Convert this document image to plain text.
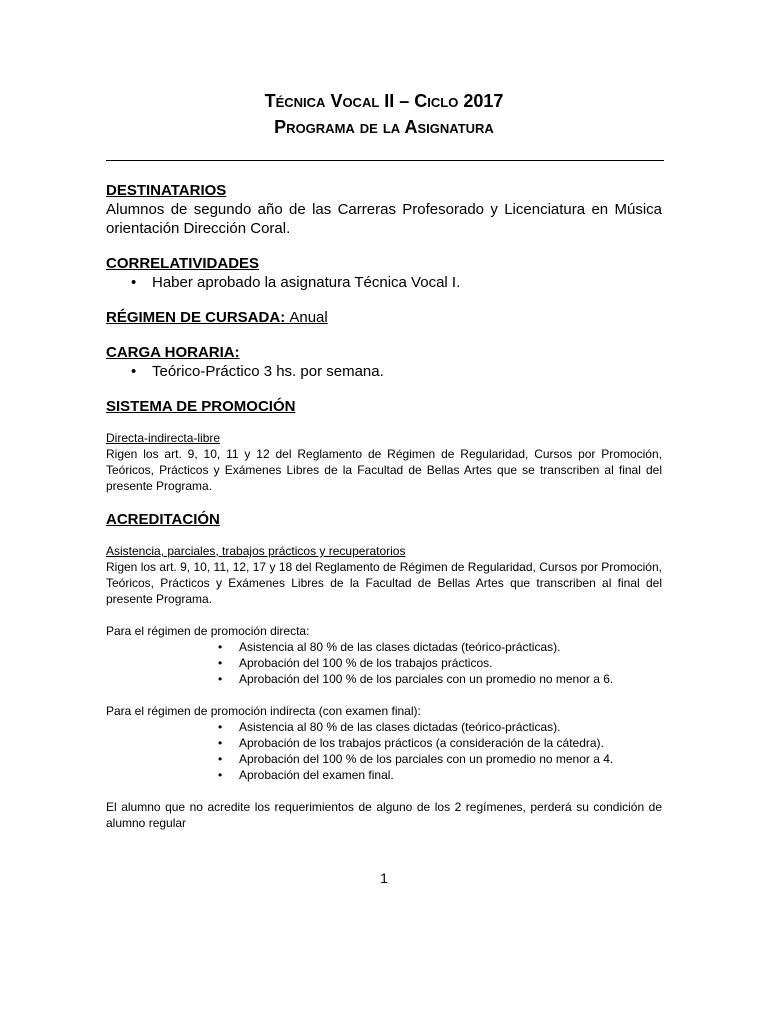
Técnica Vocal II – Ciclo 2017

Programa de la Asignatura

DESTINATARIOS

Alumnos de segundo año de las Carreras Profesorado y Licenciatura en Música orientación Dirección Coral.

CORRELATIVIDADES

• Haber aprobado la asignatura Técnica Vocal I.

RÉGIMEN DE CURSADA: Anual

CARGA HORARIA:

• Teórico-Práctico 3 hs. por semana.

SISTEMA DE PROMOCIÓN

Directa-indirecta-libre

Rigen los art. 9, 10, 11 y 12 del Reglamento de Régimen de Regularidad, Cursos por Promoción, Teóricos, Prácticos y Exámenes Libres de la Facultad de Bellas Artes que se transcriben al final del presente Programa.

ACREDITACIÓN

Asistencia, parciales, trabajos prácticos y recuperatorios

Rigen los art. 9, 10, 11, 12, 17 y 18 del Reglamento de Régimen de Regularidad, Cursos por Promoción, Teóricos, Prácticos y Exámenes Libres de la Facultad de Bellas Artes que transcriben al final del presente Programa.

Para el régimen de promoción directa:

• Asistencia al 80 % de las clases dictadas (teórico-prácticas).
• Aprobación del 100 % de los trabajos prácticos.
• Aprobación del 100 % de los parciales con un promedio no menor a 6.

Para el régimen de promoción indirecta (con examen final):

• Asistencia al 80 % de las clases dictadas (teórico-prácticas).
• Aprobación de los trabajos prácticos (a consideración de la cátedra).
• Aprobación del 100 % de los parciales con un promedio no menor a 4.
• Aprobación del examen final.

El alumno que no acredite los requerimientos de alguno de los 2 regímenes, perderá su condición de alumno regular

1
